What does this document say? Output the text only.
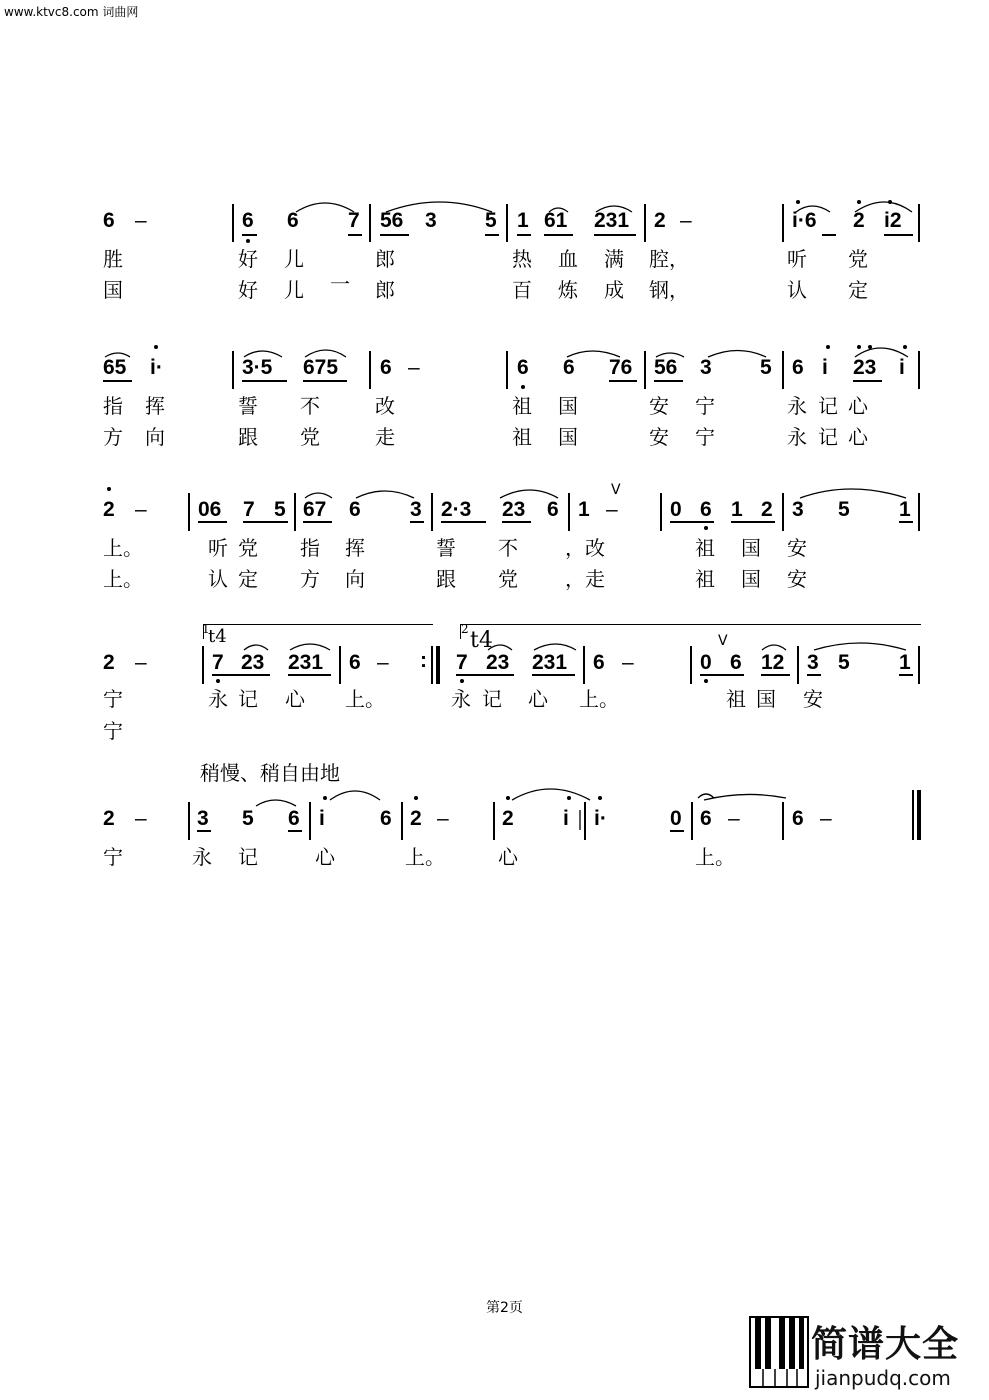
www.ktvc8.com 词曲网
6 –	6 6 7 56 3 5 1 61 231 2 –	i·6 2 i2
胜	好 儿	郎	热 血 满 腔，	听 党
国	好 儿 一 郎	百 炼 成 钢，	认 定
65 i·	3·5 675 6 –	6 6 76 56 3 5 6 i 23 i
指 挥	誓 不	改	祖 国	安 宁	永 记 心
方 向	跟 党	走	祖 国	安 宁	永 记 心
2 – 06 7 5 67 6 3 2·3 23 6 1 – 0 6 1 2 3 5 1
上。	听 党 指 挥	誓 不 ，改	祖 国 安
上。	认 定 方 向	跟 党 ，走	祖 国 安
1
t4	2 t4
2 –	7 23 231 6 – : 7 23 231 6 –	0 6 12 3 5 1
宁	永 记 心 上。	永 记 心 上。	祖 国 安
宁
稍慢、稍自由地
2 – 3 5 6 i	6 2 –	2 i i·	0 6 – 6 –
宁	永 记	心	上。	心	上。
V
V
第2页
简谱大全
jianpudq.com
